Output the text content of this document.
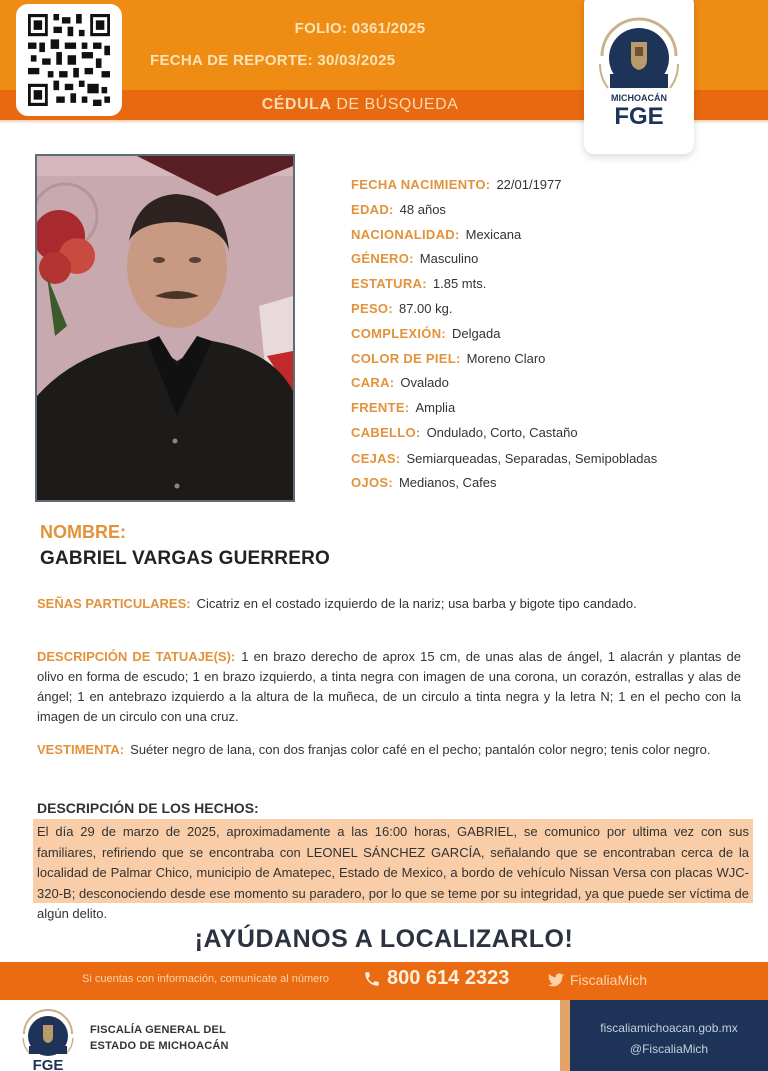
FOLIO: 0361/2025
FECHA DE REPORTE: 30/03/2025
CÉDULA DE BÚSQUEDA	MICHOACÁN
FGE
FECHA NACIMIENTO: 22/01/1977
EDAD: 48 años
NACIONALIDAD: Mexicana
GÉNERO: Masculino
ESTATURA: 1.85 mts.
PESO: 87.00 kg.
COMPLEXIÓN: Delgada
COLOR DE PIEL: Moreno Claro
CARA: Ovalado
FRENTE: Amplia
CABELLO: Ondulado, Corto, Castaño
CEJAS: Semiarqueadas, Separadas, Semipobladas
OJOS: Medianos, Cafes
NOMBRE:
GABRIEL VARGAS GUERRERO
SEÑAS PARTICULARES: Cicatriz en el costado izquierdo de la nariz; usa barba y bigote tipo candado.
DESCRIPCIÓN DE TATUAJE(S): 1 en brazo derecho de aprox 15 cm, de unas alas de ángel, 1 alacrán y plantas de olivo en forma de escudo; 1 en brazo izquierdo, a tinta negra con imagen de una corona, un corazón, estrallas y alas de ángel; 1 en antebrazo izquierdo a la altura de la muñeca, de un circulo a tinta negra y la letra N; 1 en el pecho con la imagen de un circulo con una cruz.
VESTIMENTA: Suéter negro de lana, con dos franjas color café en el pecho; pantalón color negro; tenis color negro.
DESCRIPCIÓN DE LOS HECHOS:
El día 29 de marzo de 2025, aproximadamente a las 16:00 horas, GABRIEL, se comunico por ultima vez con sus familiares, refiriendo que se encontraba con LEONEL SÁNCHEZ GARCÍA, señalando que se encontraban cerca de la localidad de Palmar Chico, municipio de Amatepec, Estado de Mexico, a bordo de vehículo Nissan Versa con placas WJC-320-B; desconociendo desde ese momento su paradero, por lo que se teme por su integridad, ya que puede ser víctima de algún delito.
¡AYÚDANOS A LOCALIZARLO!
Si cuentas con información, comunícate al número	800 614 2323	FiscaliaMich
FGE
FISCALÍA GENERAL DEL
ESTADO DE MICHOACÁN
fiscaliamichoacan.gob.mx
@FiscaliaMich
